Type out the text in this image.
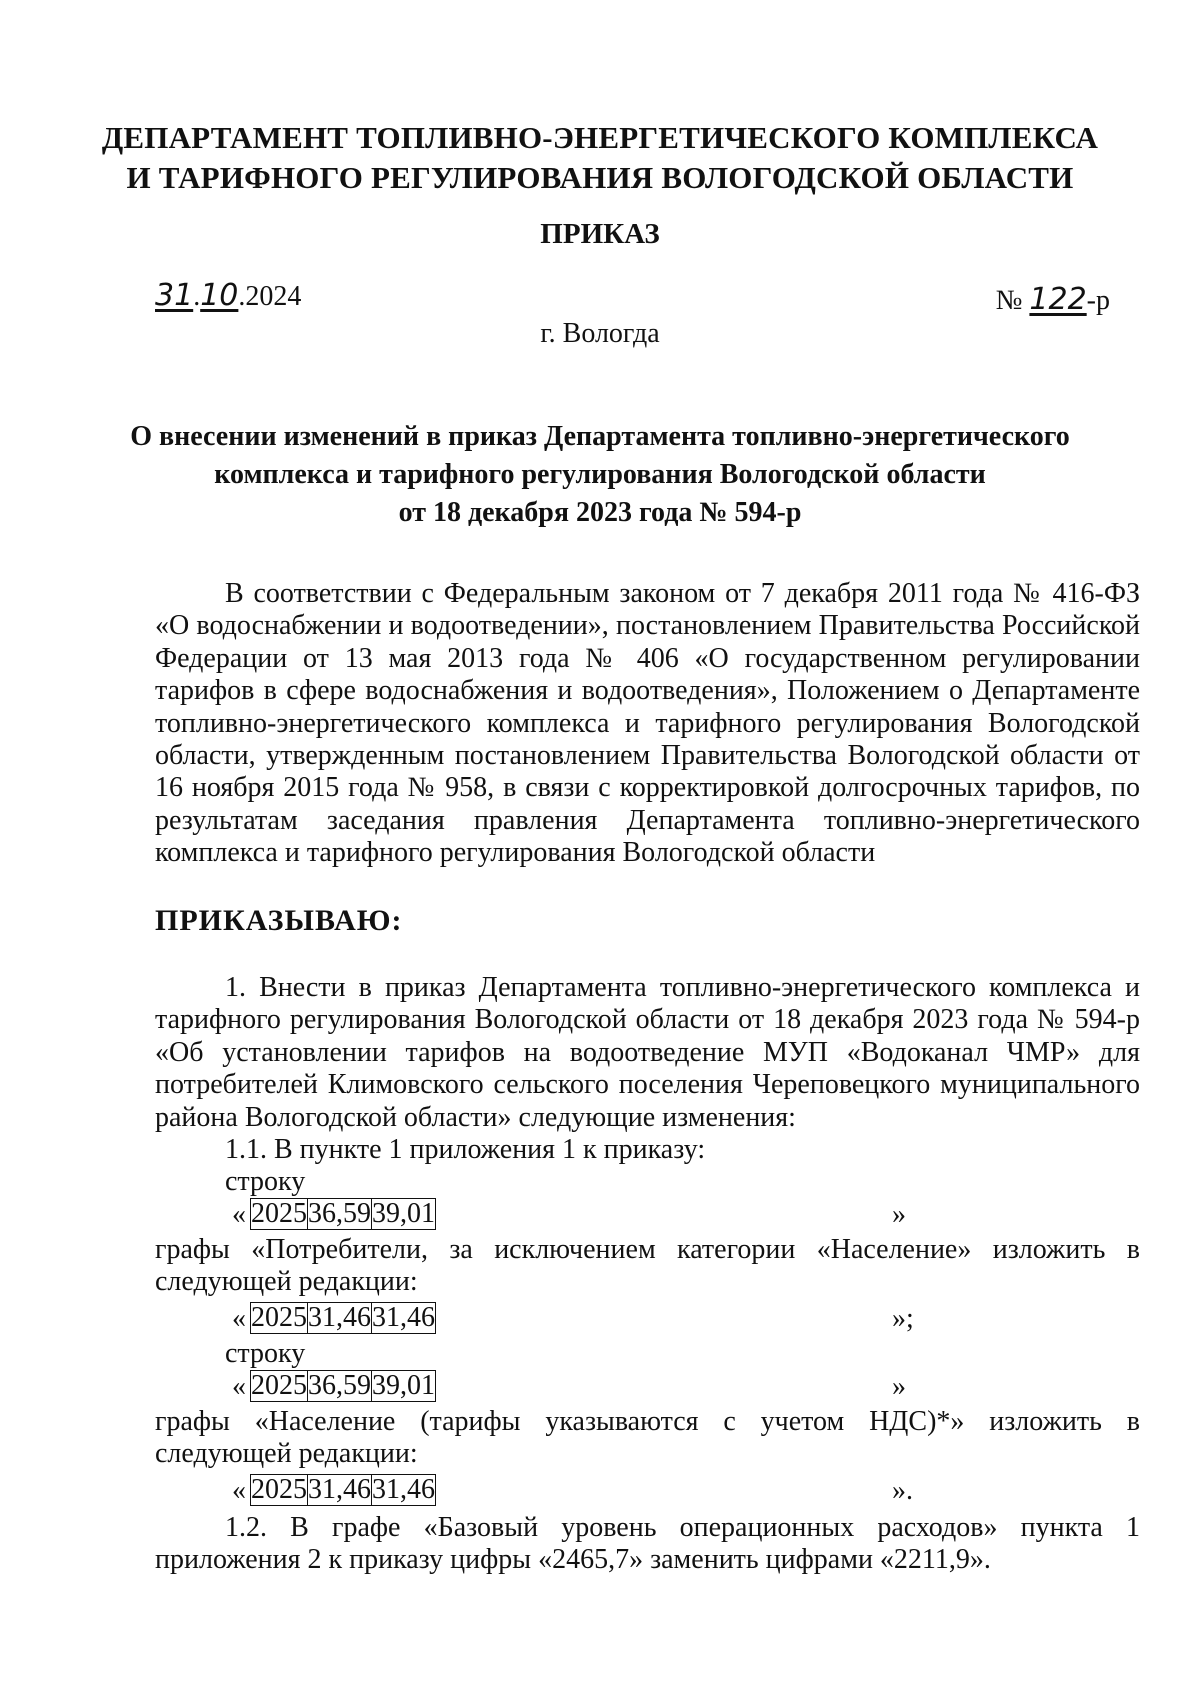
ДЕПАРТАМЕНТ ТОПЛИВНО-ЭНЕРГЕТИЧЕСКОГО КОМПЛЕКСА
И ТАРИФНОГО РЕГУЛИРОВАНИЯ ВОЛОГОДСКОЙ ОБЛАСТИ
ПРИКАЗ
31.10.2024	№ 122-р
г. Вологда
О внесении изменений в приказ Департамента топливно-энергетического
комплекса и тарифного регулирования Вологодской области
от 18 декабря 2023 года № 594-р
В соответствии с Федеральным законом от 7 декабря 2011 года № 416-ФЗ «О водоснабжении и водоотведении», постановлением Правительства Российской Федерации от 13 мая 2013 года № 406 «О государственном регулировании тарифов в сфере водоснабжения и водоотведения», Положением о Департаменте топливно-энергетического комплекса и тарифного регулирования Вологодской области, утвержденным постановлением Правительства Вологодской области от 16 ноября 2015 года № 958, в связи с корректировкой долгосрочных тарифов, по результатам заседания правления Департамента топливно-энергетического комплекса и тарифного регулирования Вологодской области
ПРИКАЗЫВАЮ:
1. Внести в приказ Департамента топливно-энергетического комплекса и тарифного регулирования Вологодской области от 18 декабря 2023 года № 594-р «Об установлении тарифов на водоотведение МУП «Водоканал ЧМР» для потребителей Климовского сельского поселения Череповецкого муниципального района Вологодской области» следующие изменения:
1.1. В пункте 1 приложения 1 к приказу:
строку
« 2025	36,59	39,01	»
графы «Потребители, за исключением категории «Население» изложить в следующей редакции:
« 2025	31,46	31,46	»;
строку
« 2025	36,59	39,01	»
графы «Население (тарифы указываются с учетом НДС)*» изложить в следующей редакции:
« 2025	31,46	31,46	».
1.2. В графе «Базовый уровень операционных расходов» пункта 1 приложения 2 к приказу цифры «2465,7» заменить цифрами «2211,9».
